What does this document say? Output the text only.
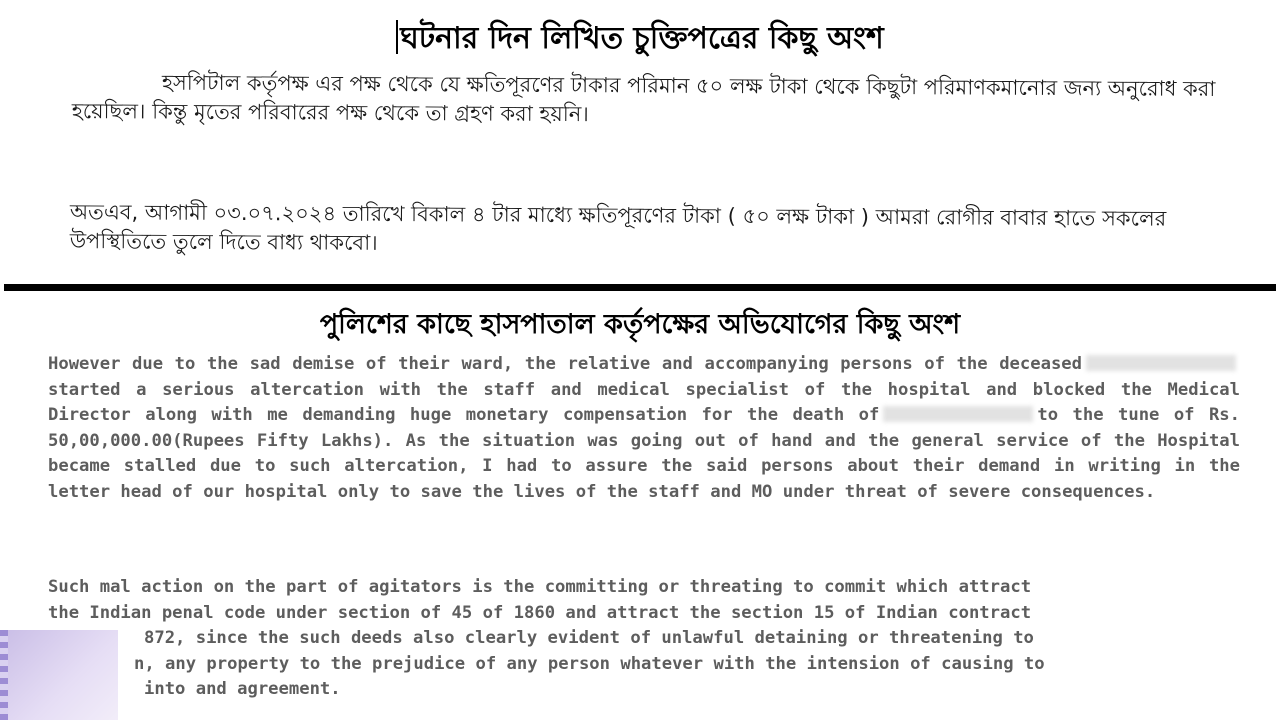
ঘটনার দিন লিখিত চুক্তিপত্রের কিছু অংশ

হসপিটাল কর্তৃপক্ষ এর পক্ষ থেকে যে ক্ষতিপূরণের টাকার পরিমান ৫০ লক্ষ টাকা থেকে কিছুটা পরিমাণকমানোর জন্য অনুরোধ করা হয়েছিল। কিন্তু মৃতের পরিবারের পক্ষ থেকে তা গ্রহণ করা হয়নি।

অতএব, আগামী ০৩.০৭.২০২৪ তারিখে বিকাল ৪ টার মাধ্যে ক্ষতিপূরণের টাকা ( ৫০ লক্ষ টাকা ) আমরা রোগীর বাবার হাতে সকলের উপস্থিতিতে তুলে দিতে বাধ্য থাকবো।

পুলিশের কাছে হাসপাতাল কর্তৃপক্ষের অভিযোগের কিছু অংশ

However due to the sad demise of their ward, the relative and accompanying persons of the deceasedstarted a serious altercation with the staff and medical specialist of the hospital and blocked the Medical Director along with me demanding huge monetary compensation for the death of	to the tune of Rs. 50,00,000.00(Rupees Fifty Lakhs). As the situation was going out of hand and the general service of the Hospital became stalled due to such altercation, I had to assure the said persons about their demand in writing in the letter head of our hospital only to save the lives of the staff and MO under threat of severe consequences.

Such mal action on the part of agitators is the committing or threating to commit which attract
the Indian penal code under section of 45 of 1860 and attract the section 15 of Indian contract
872, since the such deeds also clearly evident of unlawful detaining or threatening to
n, any property to the prejudice of any person whatever with the intension of causing to
into and agreement.
